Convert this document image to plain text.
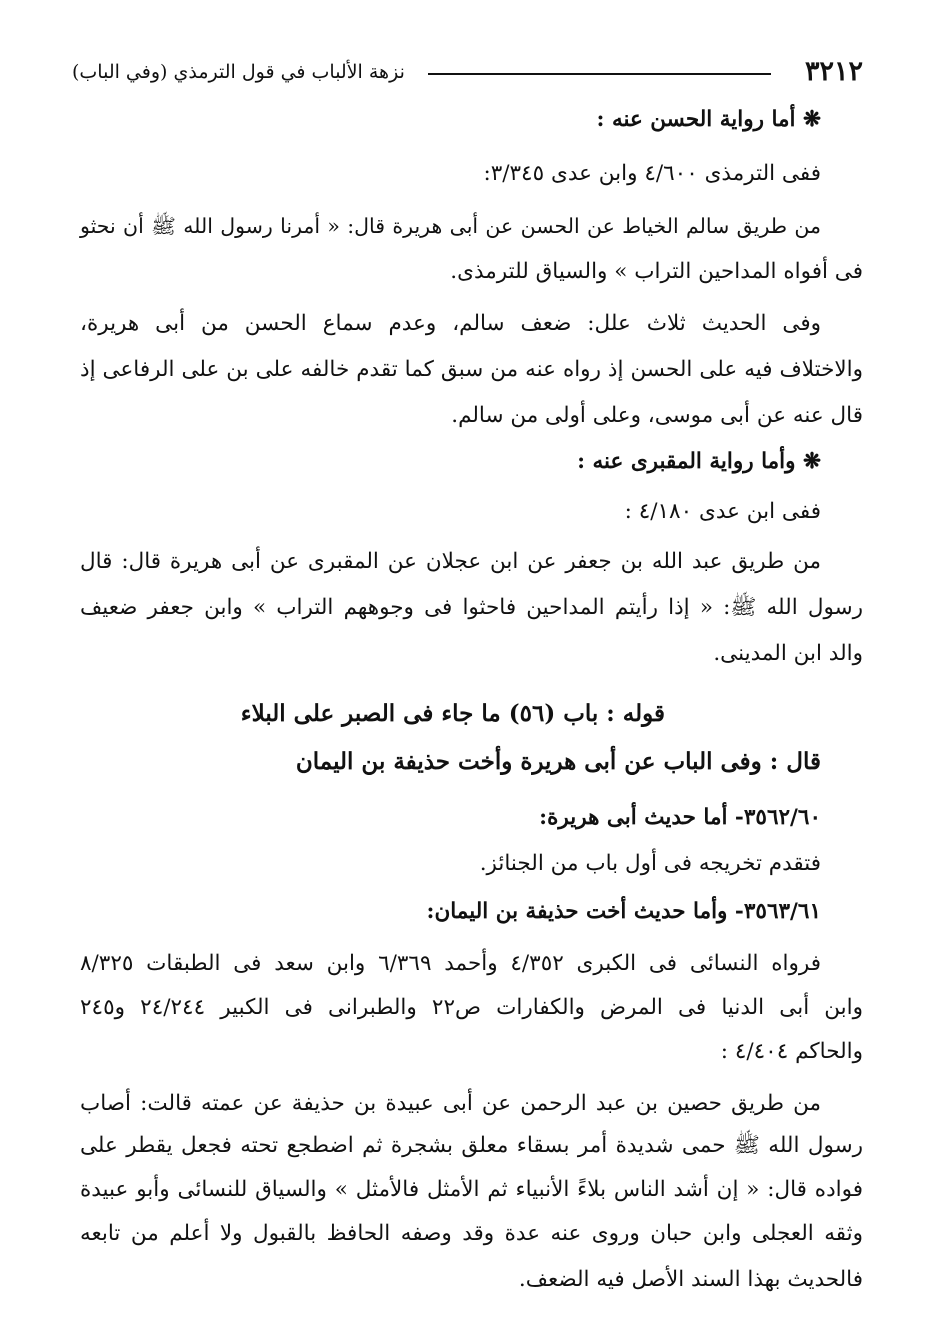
٣٢١٢
نزهة الألباب في قول الترمذي (وفي الباب)
❋ أما رواية الحسن عنه :
ففى الترمذى ٤/٦٠٠ وابن عدى ٣/٣٤٥:
من طريق سالم الخياط عن الحسن عن أبى هريرة قال: « أمرنا رسول الله ﷺ أن نحثو
فى أفواه المداحين التراب » والسياق للترمذى.
وفى الحديث ثلاث علل: ضعف سالم، وعدم سماع الحسن من أبى هريرة،
والاختلاف فيه على الحسن إذ رواه عنه من سبق كما تقدم خالفه على بن على الرفاعى إذ
قال عنه عن أبى موسى، وعلى أولى من سالم.
❋ وأما رواية المقبرى عنه :
ففى ابن عدى ٤/١٨٠ :
من طريق عبد الله بن جعفر عن ابن عجلان عن المقبرى عن أبى هريرة قال: قال
رسول الله ﷺ: « إذا رأيتم المداحين فاحثوا فى وجوههم التراب » وابن جعفر ضعيف
والد ابن المدينى.
قوله : باب (٥٦) ما جاء فى الصبر على البلاء
قال : وفى الباب عن أبى هريرة وأخت حذيفة بن اليمان
٣٥٦٢/٦٠- أما حديث أبى هريرة:
فتقدم تخريجه فى أول باب من الجنائز.
٣٥٦٣/٦١- وأما حديث أخت حذيفة بن اليمان:
فرواه النسائى فى الكبرى ٤/٣٥٢ وأحمد ٦/٣٦٩ وابن سعد فى الطبقات ٨/٣٢٥
وابن أبى الدنيا فى المرض والكفارات ص٢٢ والطبرانى فى الكبير ٢٤/٢٤٤ و٢٤٥
والحاكم ٤/٤٠٤ :
من طريق حصين بن عبد الرحمن عن أبى عبيدة بن حذيفة عن عمته قالت: أصاب
رسول الله ﷺ حمى شديدة أمر بسقاء معلق بشجرة ثم اضطجع تحته فجعل يقطر على
فواده قال: « إن أشد الناس بلاءً الأنبياء ثم الأمثل فالأمثل » والسياق للنسائى وأبو عبيدة
وثقه العجلى وابن حبان وروى عنه عدة وقد وصفه الحافظ بالقبول ولا أعلم من تابعه
فالحديث بهذا السند الأصل فيه الضعف.
